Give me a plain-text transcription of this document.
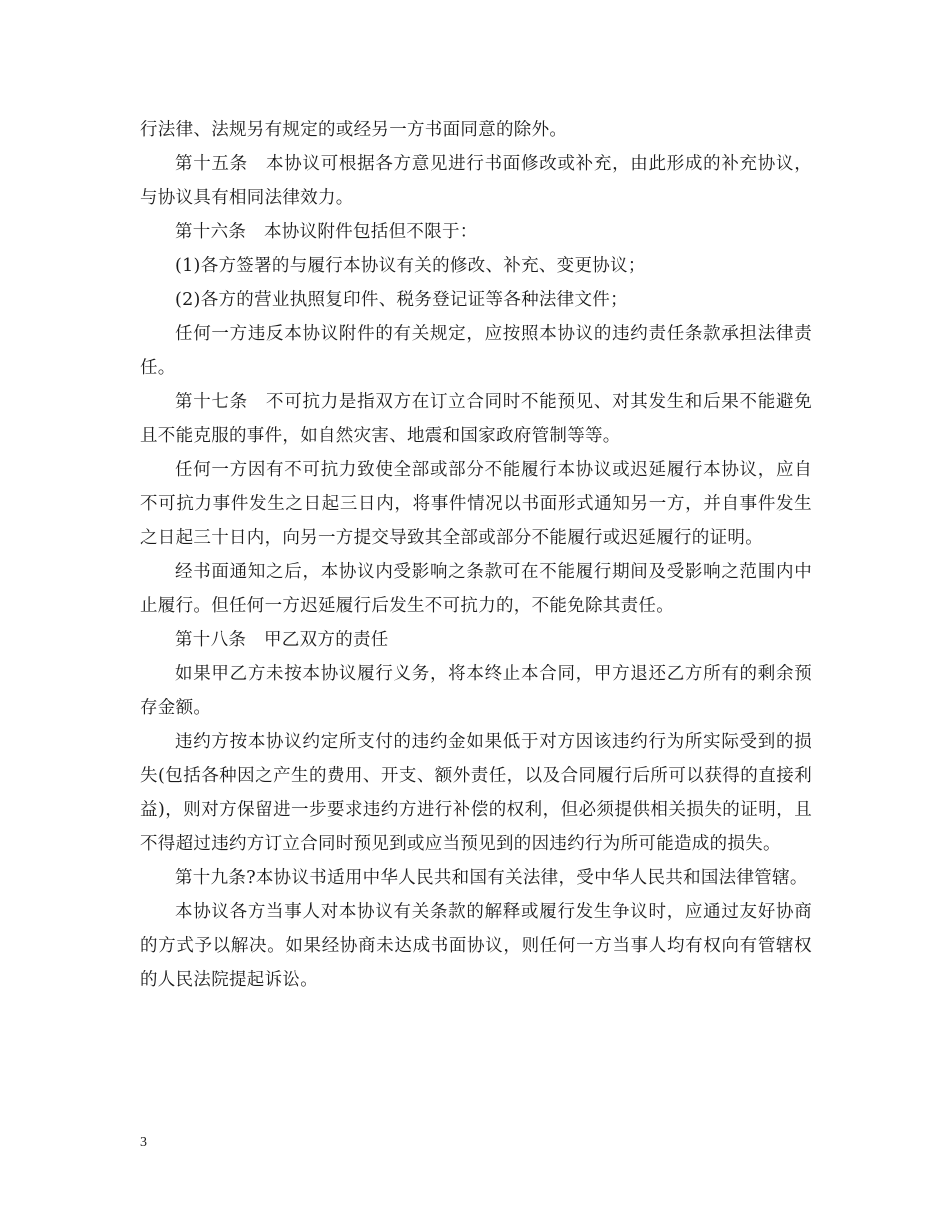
行法律、法规另有规定的或经另一方书面同意的除外。

第十五条　本协议可根据各方意见进行书面修改或补充，由此形成的补充协议，与协议具有相同法律效力。

第十六条　本协议附件包括但不限于：

(1)各方签署的与履行本协议有关的修改、补充、变更协议；

(2)各方的营业执照复印件、税务登记证等各种法律文件；

任何一方违反本协议附件的有关规定，应按照本协议的违约责任条款承担法律责任。

第十七条　不可抗力是指双方在订立合同时不能预见、对其发生和后果不能避免且不能克服的事件，如自然灾害、地震和国家政府管制等等。

任何一方因有不可抗力致使全部或部分不能履行本协议或迟延履行本协议，应自不可抗力事件发生之日起三日内，将事件情况以书面形式通知另一方，并自事件发生之日起三十日内，向另一方提交导致其全部或部分不能履行或迟延履行的证明。

经书面通知之后，本协议内受影响之条款可在不能履行期间及受影响之范围内中止履行。但任何一方迟延履行后发生不可抗力的，不能免除其责任。

第十八条　甲乙双方的责任

如果甲乙方未按本协议履行义务，将本终止本合同，甲方退还乙方所有的剩余预存金额。

违约方按本协议约定所支付的违约金如果低于对方因该违约行为所实际受到的损失(包括各种因之产生的费用、开支、额外责任，以及合同履行后所可以获得的直接利益)，则对方保留进一步要求违约方进行补偿的权利，但必须提供相关损失的证明，且不得超过违约方订立合同时预见到或应当预见到的因违约行为所可能造成的损失。

第十九条?本协议书适用中华人民共和国有关法律，受中华人民共和国法律管辖。

本协议各方当事人对本协议有关条款的解释或履行发生争议时，应通过友好协商的方式予以解决。如果经协商未达成书面协议，则任何一方当事人均有权向有管辖权的人民法院提起诉讼。

3
